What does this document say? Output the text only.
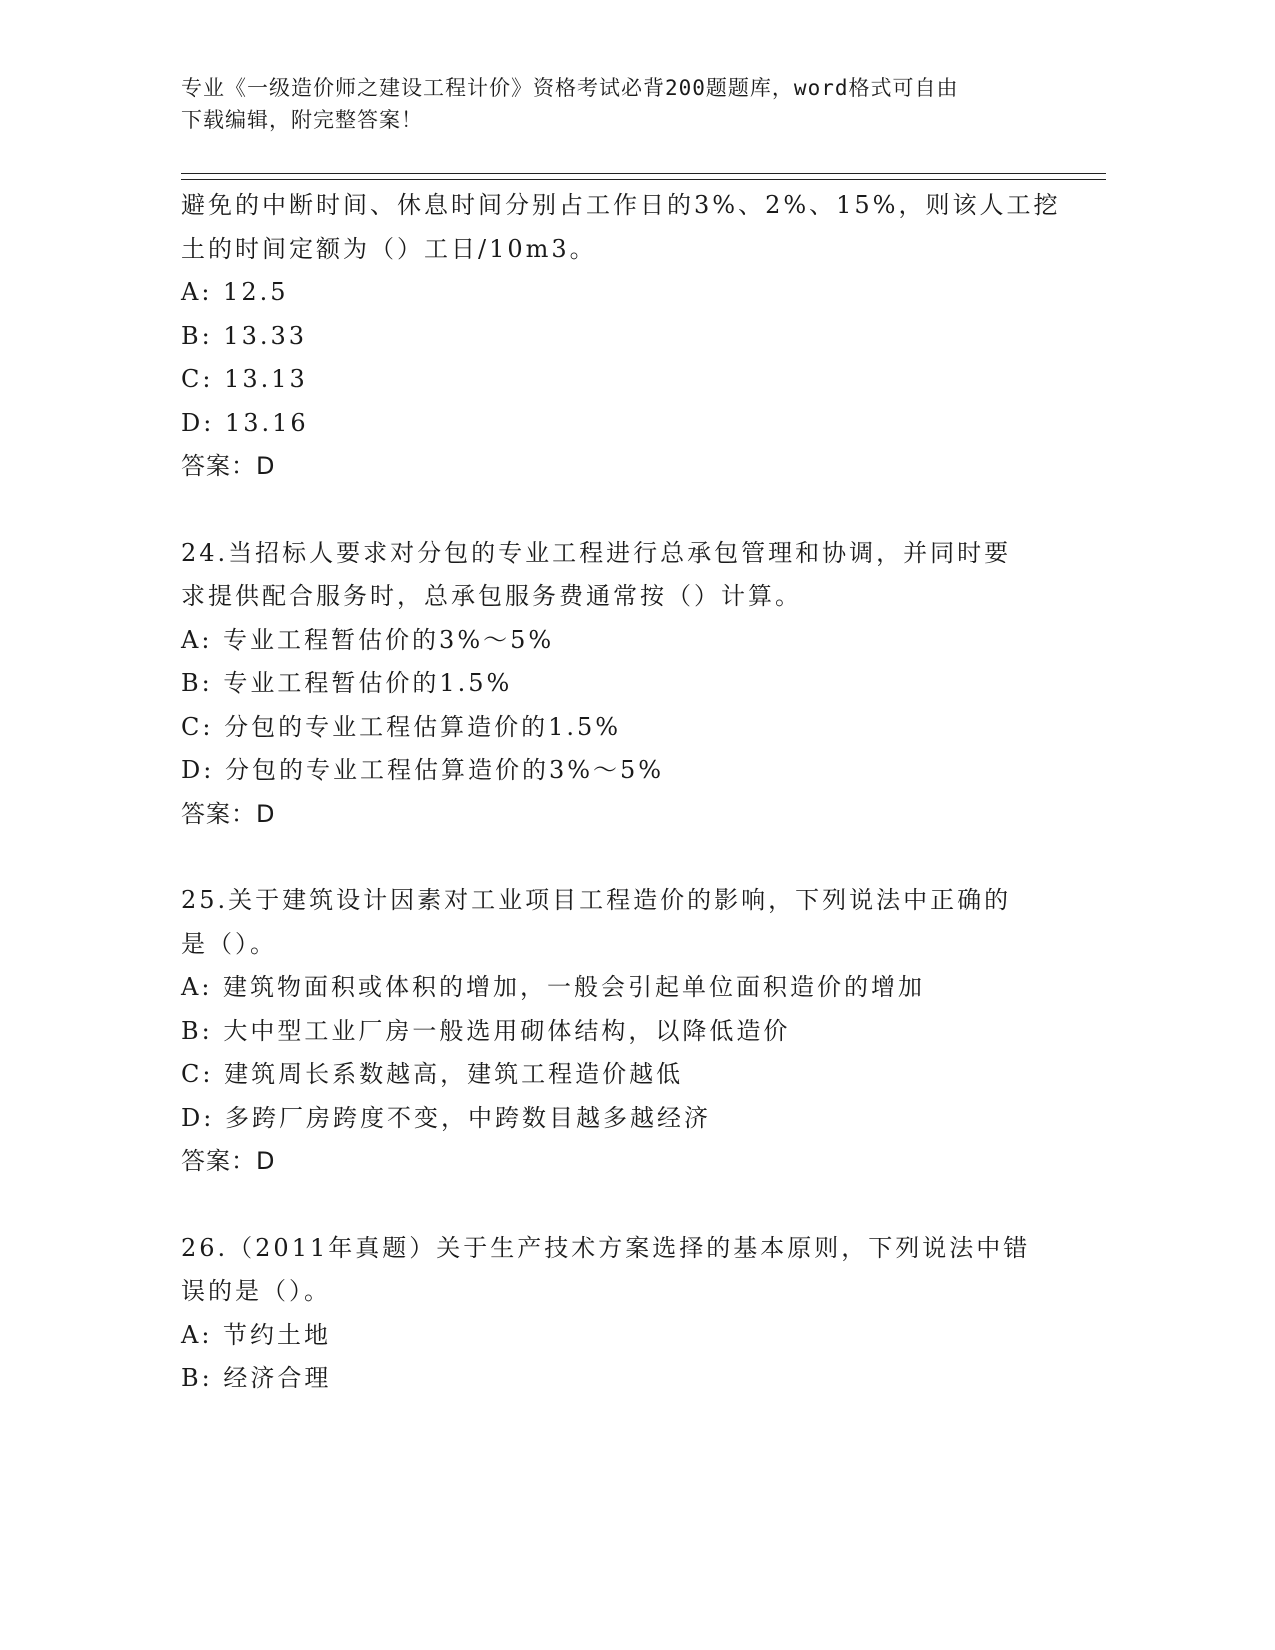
专业《一级造价师之建设工程计价》资格考试必背200题题库，word格式可自由
下载编辑，附完整答案！
避免的中断时间、休息时间分别占工作日的3%、2%、15%，则该人工挖
土的时间定额为（）工日/10m3。
A: 12.5
B: 13.33
C: 13.13
D: 13.16
答案：D
24.当招标人要求对分包的专业工程进行总承包管理和协调，并同时要
求提供配合服务时，总承包服务费通常按（）计算。
A: 专业工程暂估价的3%～5%
B: 专业工程暂估价的1.5%
C: 分包的专业工程估算造价的1.5%
D: 分包的专业工程估算造价的3%～5%
答案：D
25.关于建筑设计因素对工业项目工程造价的影响，下列说法中正确的
是（）。
A: 建筑物面积或体积的增加，一般会引起单位面积造价的增加
B: 大中型工业厂房一般选用砌体结构，以降低造价
C: 建筑周长系数越高，建筑工程造价越低
D: 多跨厂房跨度不变，中跨数目越多越经济
答案：D
26.（2011年真题）关于生产技术方案选择的基本原则，下列说法中错
误的是（）。
A: 节约土地
B: 经济合理
